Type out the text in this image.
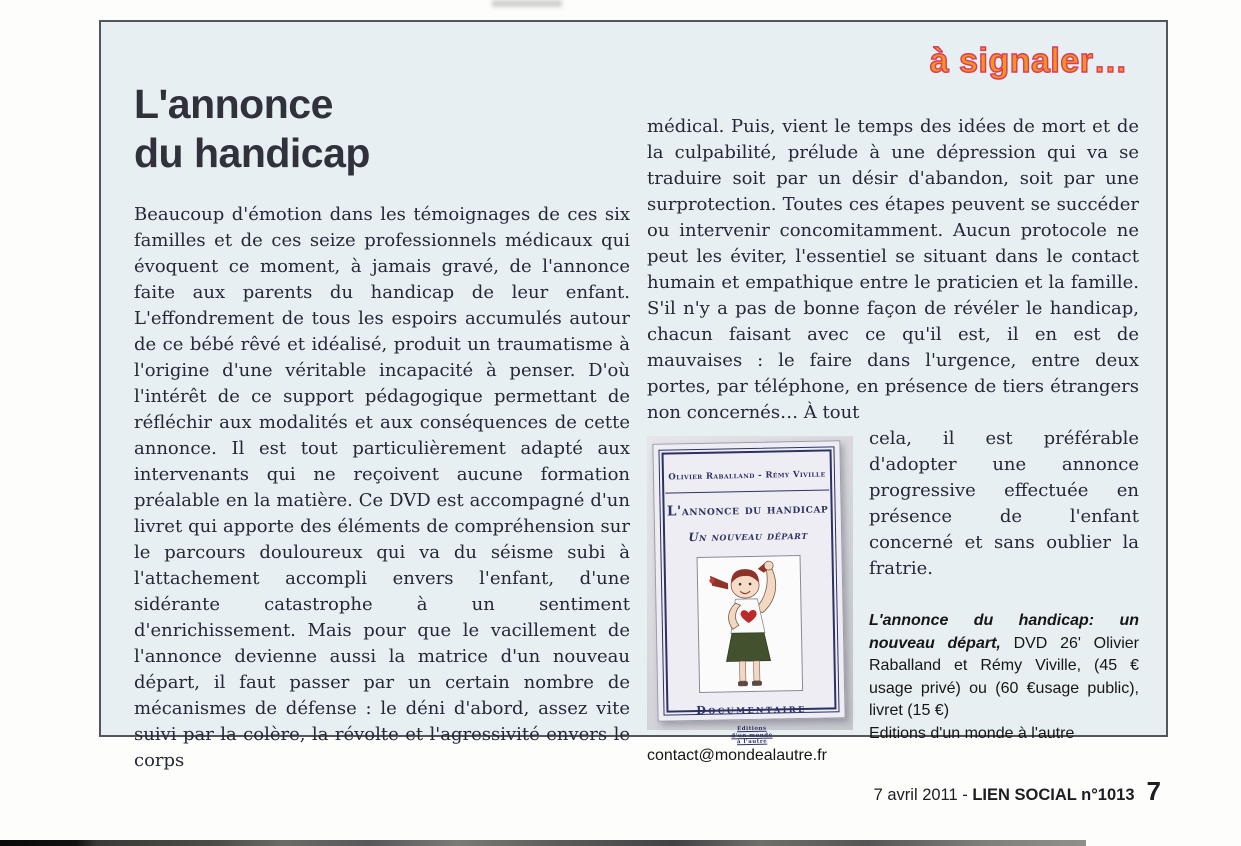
à signaler…
L'annonce
du handicap
Beaucoup d'émotion dans les témoignages de ces six familles et de ces seize professionnels médicaux qui évoquent ce moment, à jamais gravé, de l'annonce faite aux parents du handicap de leur enfant. L'effondrement de tous les espoirs accumulés autour de ce bébé rêvé et idéalisé, produit un traumatisme à l'origine d'une véritable incapacité à penser. D'où l'intérêt de ce support pédagogique permettant de réfléchir aux modalités et aux conséquences de cette annonce. Il est tout particulièrement adapté aux intervenants qui ne reçoivent aucune formation préalable en la matière. Ce DVD est accompagné d'un livret qui apporte des éléments de compréhension sur le parcours douloureux qui va du séisme subi à l'attachement accompli envers l'enfant, d'une sidérante catastrophe à un sentiment d'enrichissement. Mais pour que le vacillement de l'annonce devienne aussi la matrice d'un nouveau départ, il faut passer par un certain nombre de mécanismes de défense : le déni d'abord, assez vite suivi par la colère, la révolte et l'agressivité envers le corps

médical. Puis, vient le temps des idées de mort et de la culpabilité, prélude à une dépression qui va se traduire soit par un désir d'abandon, soit par une surprotection. Toutes ces étapes peuvent se succéder ou intervenir concomitamment. Aucun protocole ne peut les éviter, l'essentiel se situant dans le contact humain et empathique entre le praticien et la famille. S'il n'y a pas de bonne façon de révéler le handicap, chacun faisant avec ce qu'il est, il en est de mauvaises : le faire dans l'urgence, entre deux portes, par téléphone, en présence de tiers étrangers non concernés… À tout

Olivier Raballand - Rémy Viville
L'annonce du handicap
Un nouveau départ
Documentaire
Editions
d'un monde
à l'autre

cela, il est préférable d'adopter une annonce progressive effectuée en présence de l'enfant concerné et sans oublier la fratrie.

L'annonce du handicap: un nouveau départ, DVD 26' Olivier Raballand et Rémy Viville, (45 € usage privé) ou (60 €usage public), livret (15 €)

Editions d'un monde à l'autre
contact@mondealautre.fr
7 avril 2011 - LIEN SOCIAL n°1013 7
